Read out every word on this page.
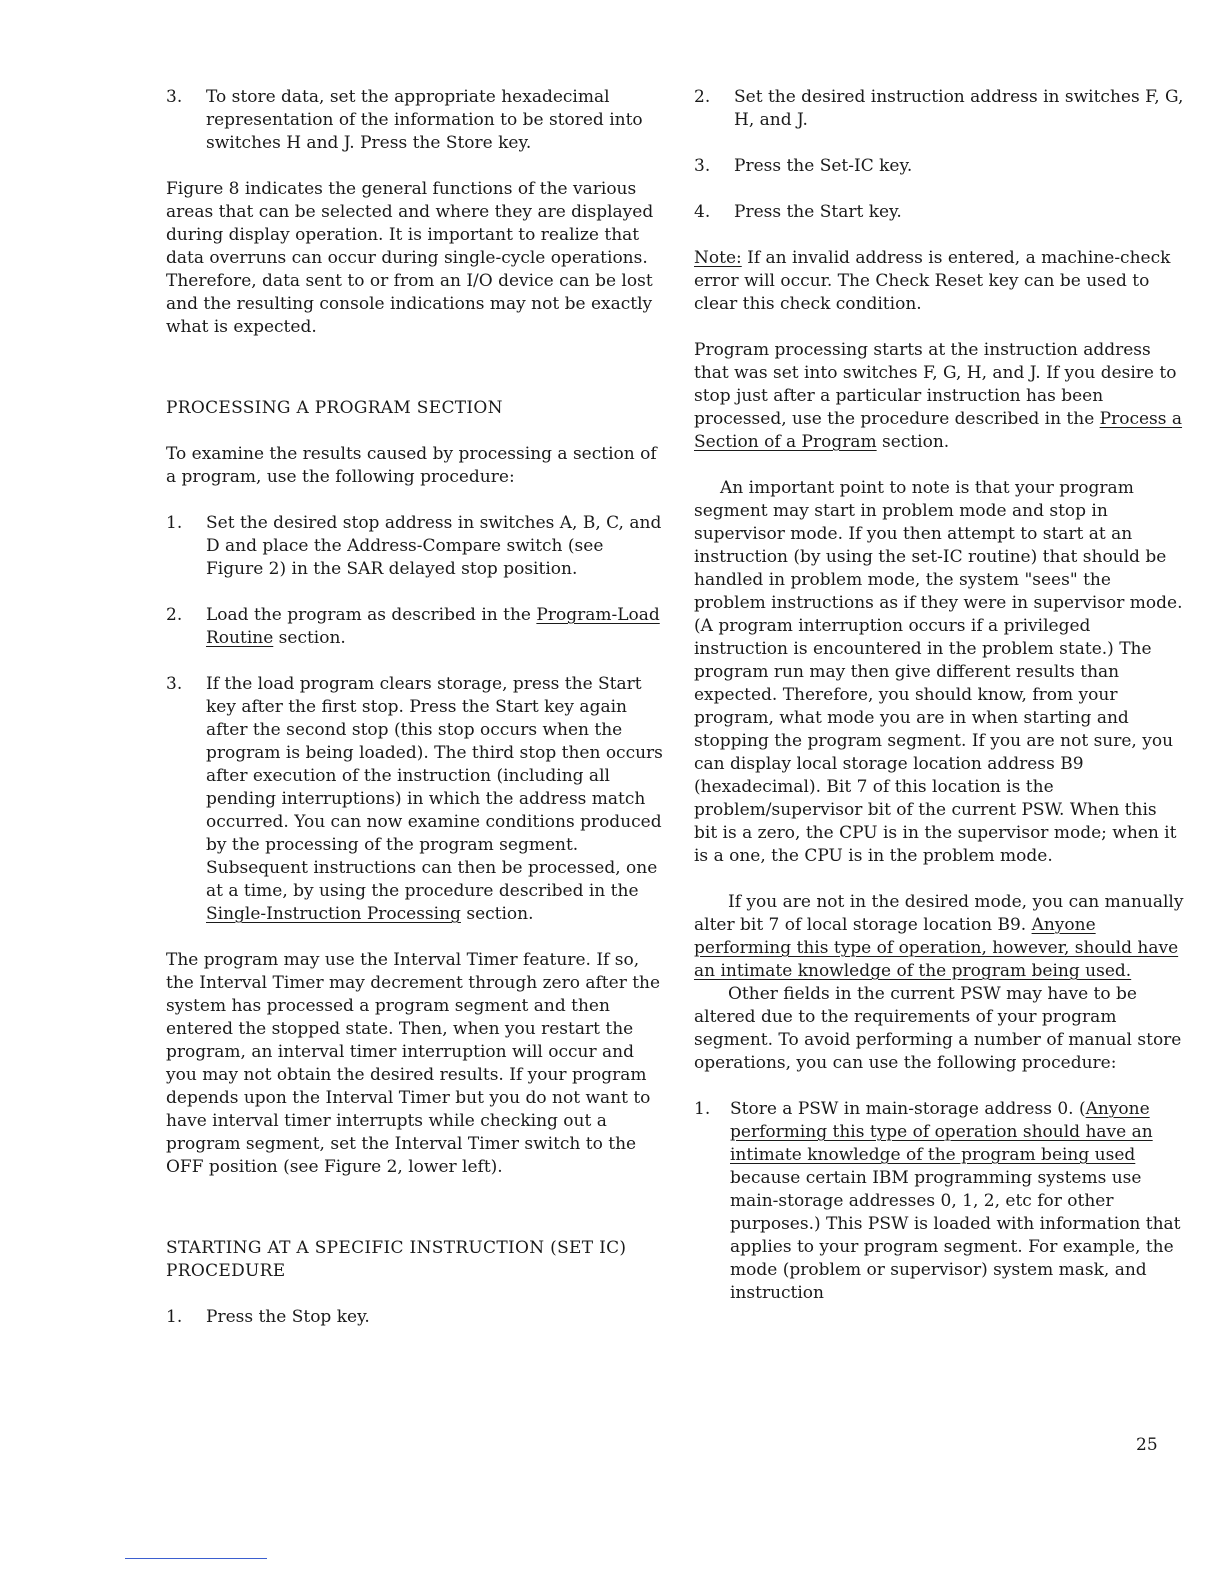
3.	To store data, set the appropriate hexadecimal representation of the information to be stored into switches H and J. Press the Store key.

Figure 8 indicates the general functions of the various areas that can be selected and where they are displayed during display operation. It is important to realize that data overruns can occur during single-cycle operations. Therefore, data sent to or from an I/O device can be lost and the resulting console indications may not be exactly what is expected.

PROCESSING A PROGRAM SECTION

To examine the results caused by processing a section of a program, use the following procedure:

1.	Set the desired stop address in switches A, B, C, and D and place the Address-Compare switch (see Figure 2) in the SAR delayed stop position.
2.	Load the program as described in the Program-Load Routine section.
3.	If the load program clears storage, press the Start key after the first stop. Press the Start key again after the second stop (this stop occurs when the program is being loaded). The third stop then occurs after execution of the instruction (including all pending interruptions) in which the address match occurred. You can now examine conditions produced by the processing of the program segment. Subsequent instructions can then be processed, one at a time, by using the procedure described in the Single-Instruction Processing section.

The program may use the Interval Timer feature. If so, the Interval Timer may decrement through zero after the system has processed a program segment and then entered the stopped state. Then, when you restart the program, an interval timer interruption will occur and you may not obtain the desired results. If your program depends upon the Interval Timer but you do not want to have interval timer interrupts while checking out a program segment, set the Interval Timer switch to the OFF position (see Figure 2, lower left).

STARTING AT A SPECIFIC INSTRUCTION (SET IC) PROCEDURE

1.	Press the Stop key.
2.	Set the desired instruction address in switches F, G, H, and J.
3.	Press the Set-IC key.
4.	Press the Start key.

Note: If an invalid address is entered, a machine-check error will occur. The Check Reset key can be used to clear this check condition.

Program processing starts at the instruction address that was set into switches F, G, H, and J. If you desire to stop just after a particular instruction has been processed, use the procedure described in the Process a Section of a Program section.

An important point to note is that your program segment may start in problem mode and stop in supervisor mode. If you then attempt to start at an instruction (by using the set-IC routine) that should be handled in problem mode, the system "sees" the problem instructions as if they were in supervisor mode. (A program interruption occurs if a privileged instruction is encountered in the problem state.) The program run may then give different results than expected. Therefore, you should know, from your program, what mode you are in when starting and stopping the program segment. If you are not sure, you can display local storage location address B9 (hexadecimal). Bit 7 of this location is the problem/supervisor bit of the current PSW. When this bit is a zero, the CPU is in the supervisor mode; when it is a one, the CPU is in the problem mode.

If you are not in the desired mode, you can manually alter bit 7 of local storage location B9. Anyone performing this type of operation, however, should have an intimate knowledge of the program being used.

Other fields in the current PSW may have to be altered due to the requirements of your program segment. To avoid performing a number of manual store operations, you can use the following procedure:

1.	Store a PSW in main-storage address 0. (Anyone performing this type of operation should have an intimate knowledge of the program being used because certain IBM programming systems use main-storage addresses 0, 1, 2, etc for other purposes.) This PSW is loaded with information that applies to your program segment. For example, the mode (problem or supervisor) system mask, and instruction
25
